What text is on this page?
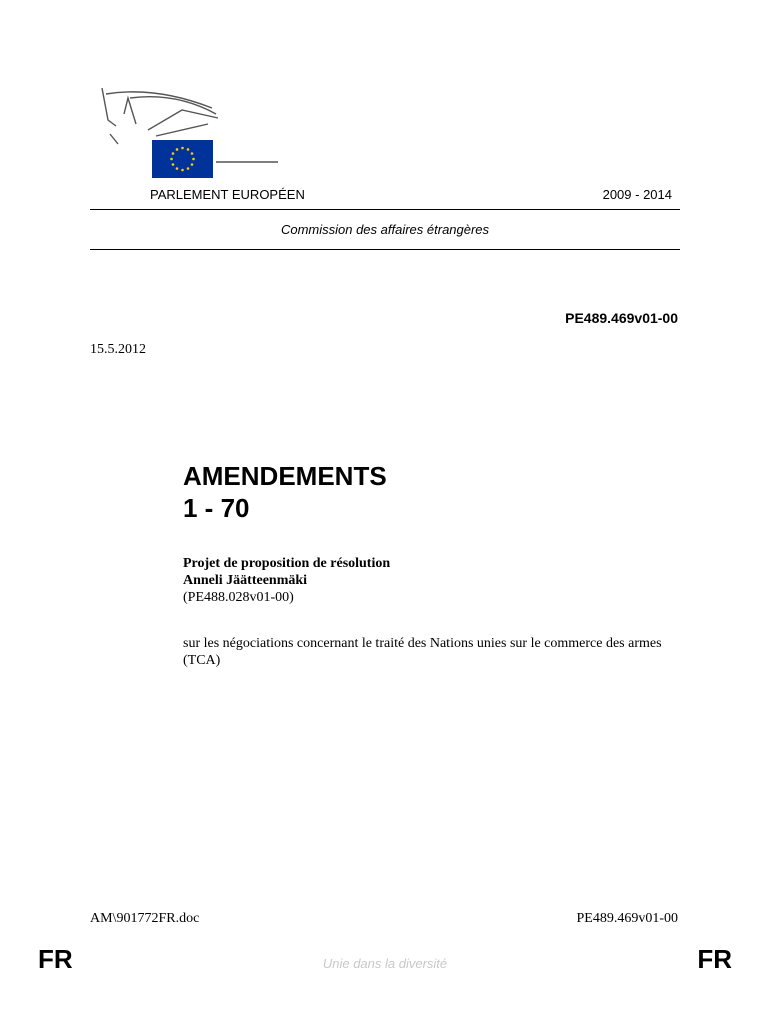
PARLEMENT EUROPÉEN	2009 - 2014
Commission des affaires étrangères
PE489.469v01-00
15.5.2012
AMENDEMENTS
1 - 70
Projet de proposition de résolution
Anneli Jäätteenmäki
(PE488.028v01-00)
sur les négociations concernant le traité des Nations unies sur le commerce des armes (TCA)
AM\901772FR.doc	PE489.469v01-00
FR	Unie dans la diversité	FR
